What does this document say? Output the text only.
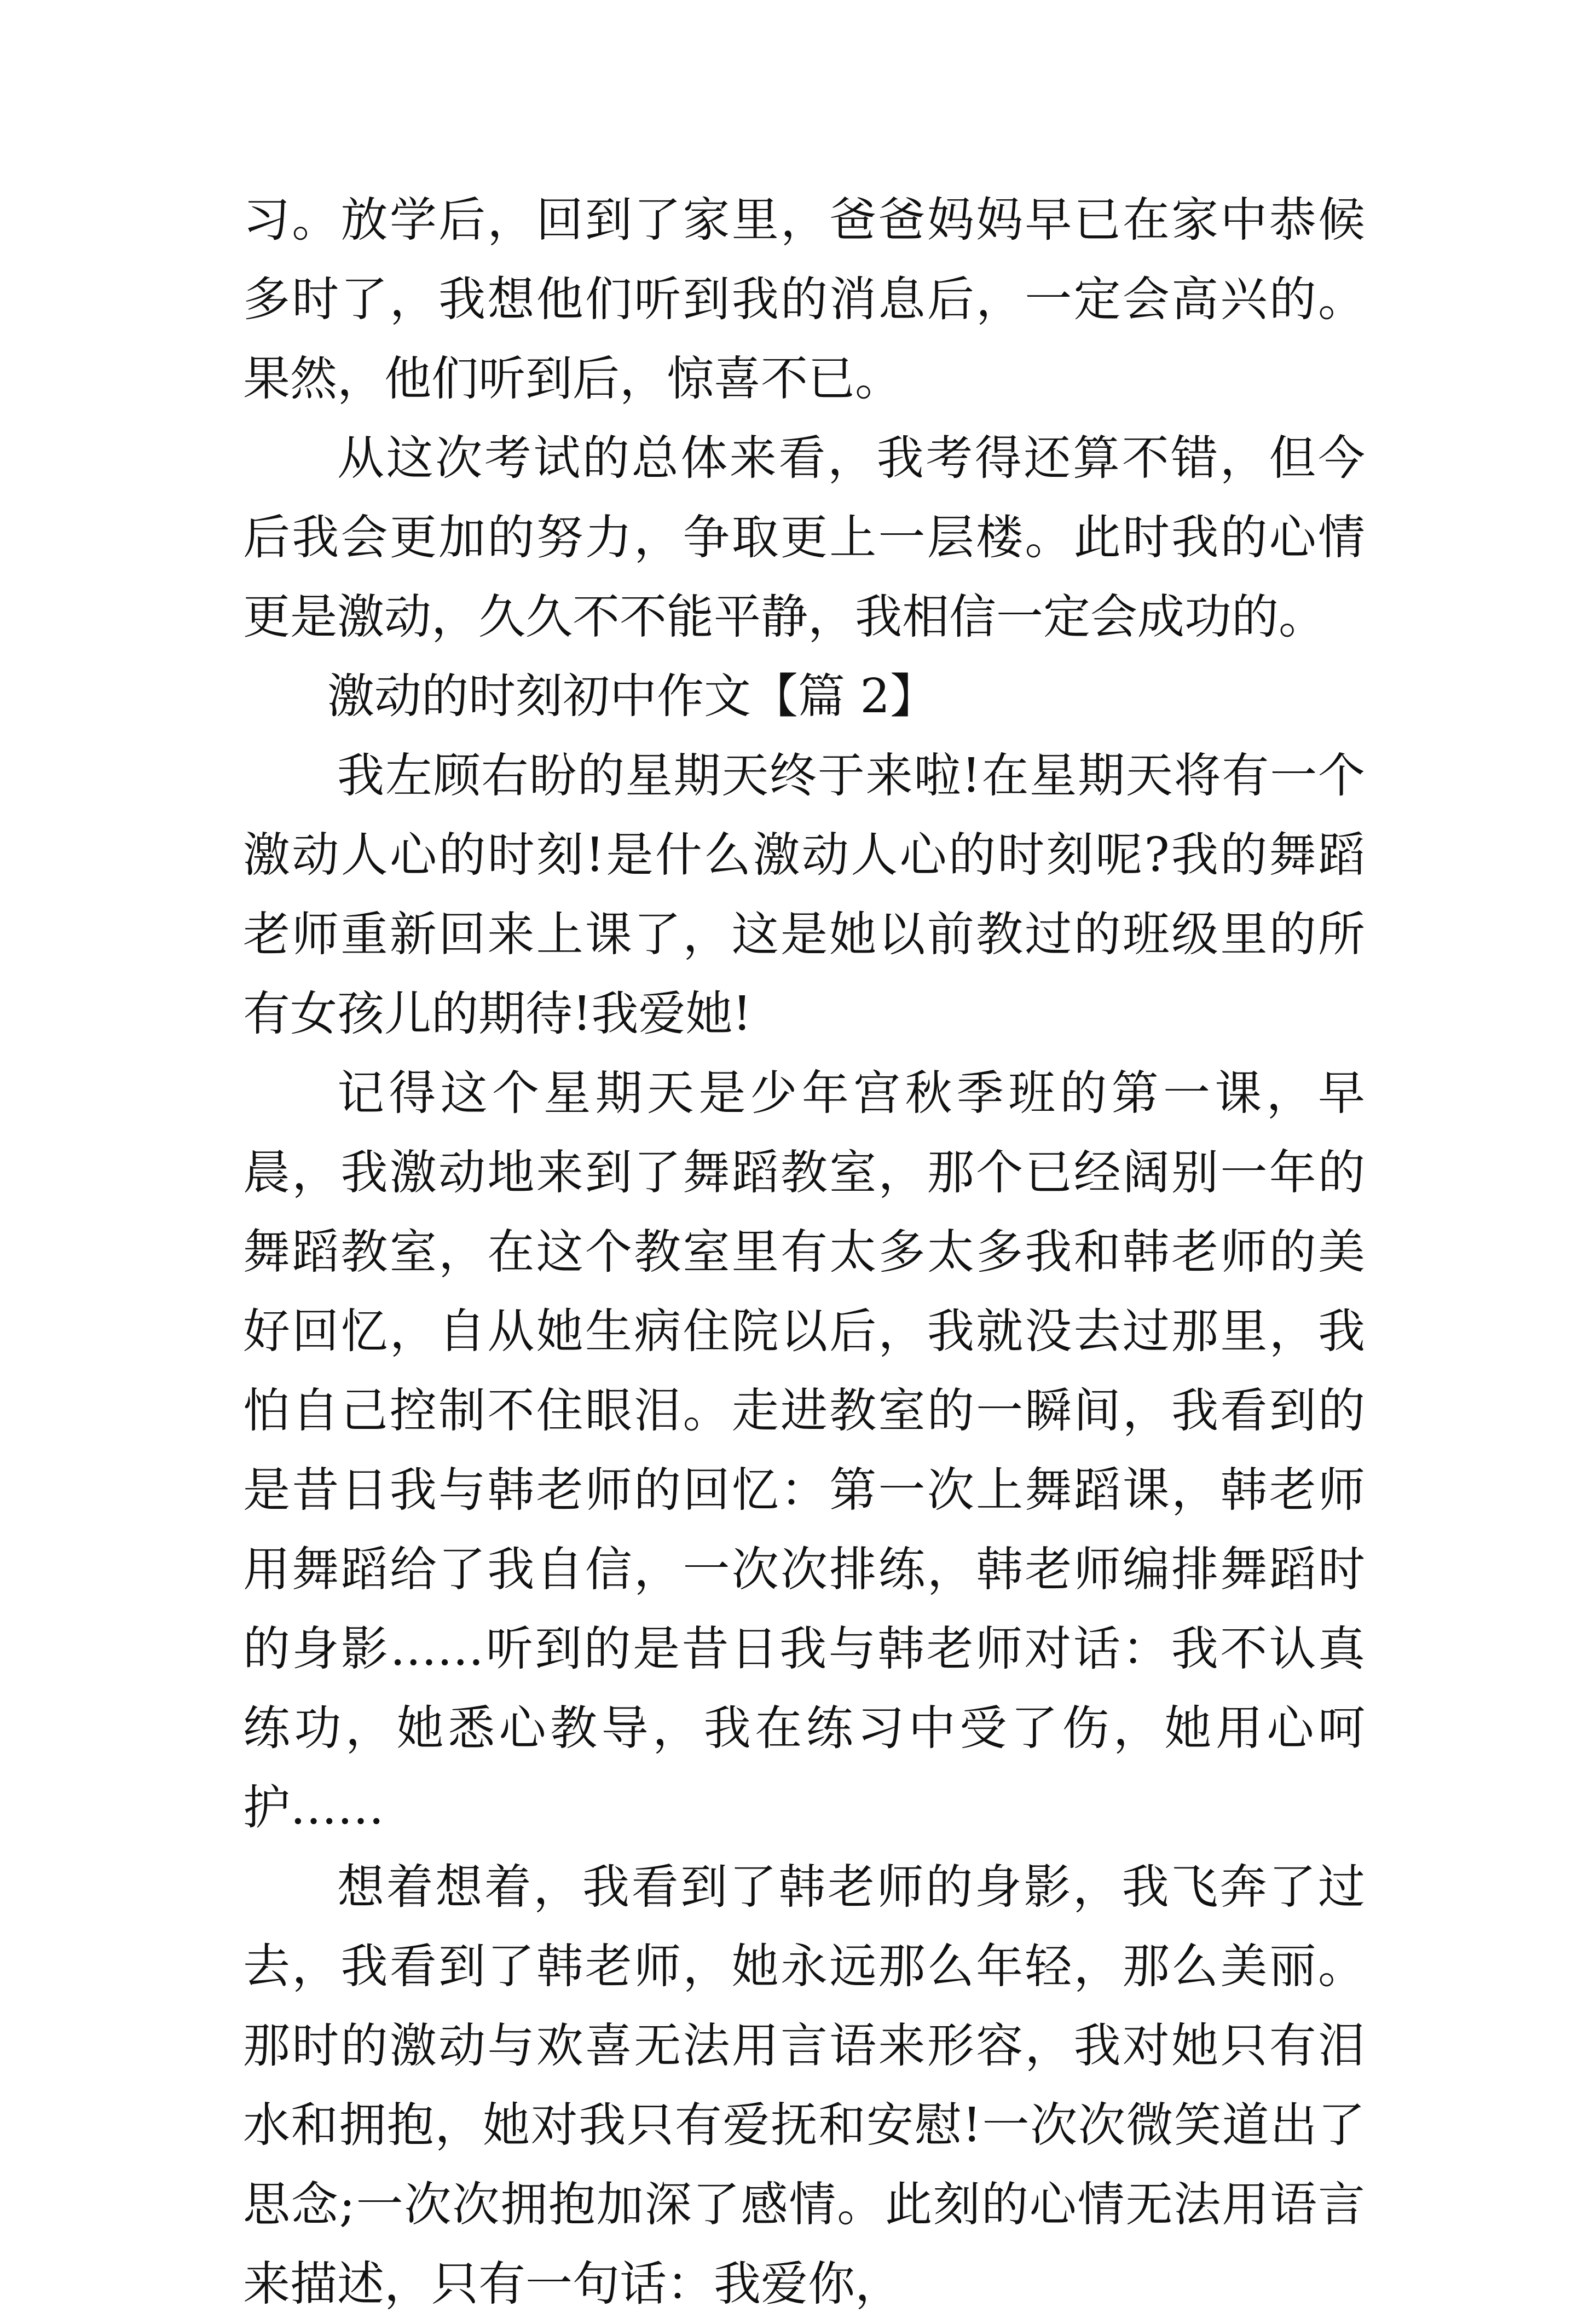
习。放学后，回到了家里，爸爸妈妈早已在家中恭候多时了，我想他们听到我的消息后，一定会高兴的。果然，他们听到后，惊喜不已。

从这次考试的总体来看，我考得还算不错，但今后我会更加的努力，争取更上一层楼。此时我的心情更是激动，久久不不能平静，我相信一定会成功的。

激动的时刻初中作文【篇 2】

我左顾右盼的星期天终于来啦!在星期天将有一个激动人心的时刻!是什么激动人心的时刻呢?我的舞蹈老师重新回来上课了，这是她以前教过的班级里的所有女孩儿的期待!我爱她!

记得这个星期天是少年宫秋季班的第一课，早晨，我激动地来到了舞蹈教室，那个已经阔别一年的舞蹈教室，在这个教室里有太多太多我和韩老师的美好回忆，自从她生病住院以后，我就没去过那里，我怕自己控制不住眼泪。走进教室的一瞬间，我看到的是昔日我与韩老师的回忆：第一次上舞蹈课，韩老师用舞蹈给了我自信，一次次排练，韩老师编排舞蹈时的身影……听到的是昔日我与韩老师对话：我不认真练功，她悉心教导，我在练习中受了伤，她用心呵护……

想着想着，我看到了韩老师的身影，我飞奔了过去，我看到了韩老师，她永远那么年轻，那么美丽。那时的激动与欢喜无法用言语来形容，我对她只有泪水和拥抱，她对我只有爱抚和安慰!一次次微笑道出了思念;一次次拥抱加深了感情。此刻的心情无法用语言来描述，只有一句话：我爱你，
